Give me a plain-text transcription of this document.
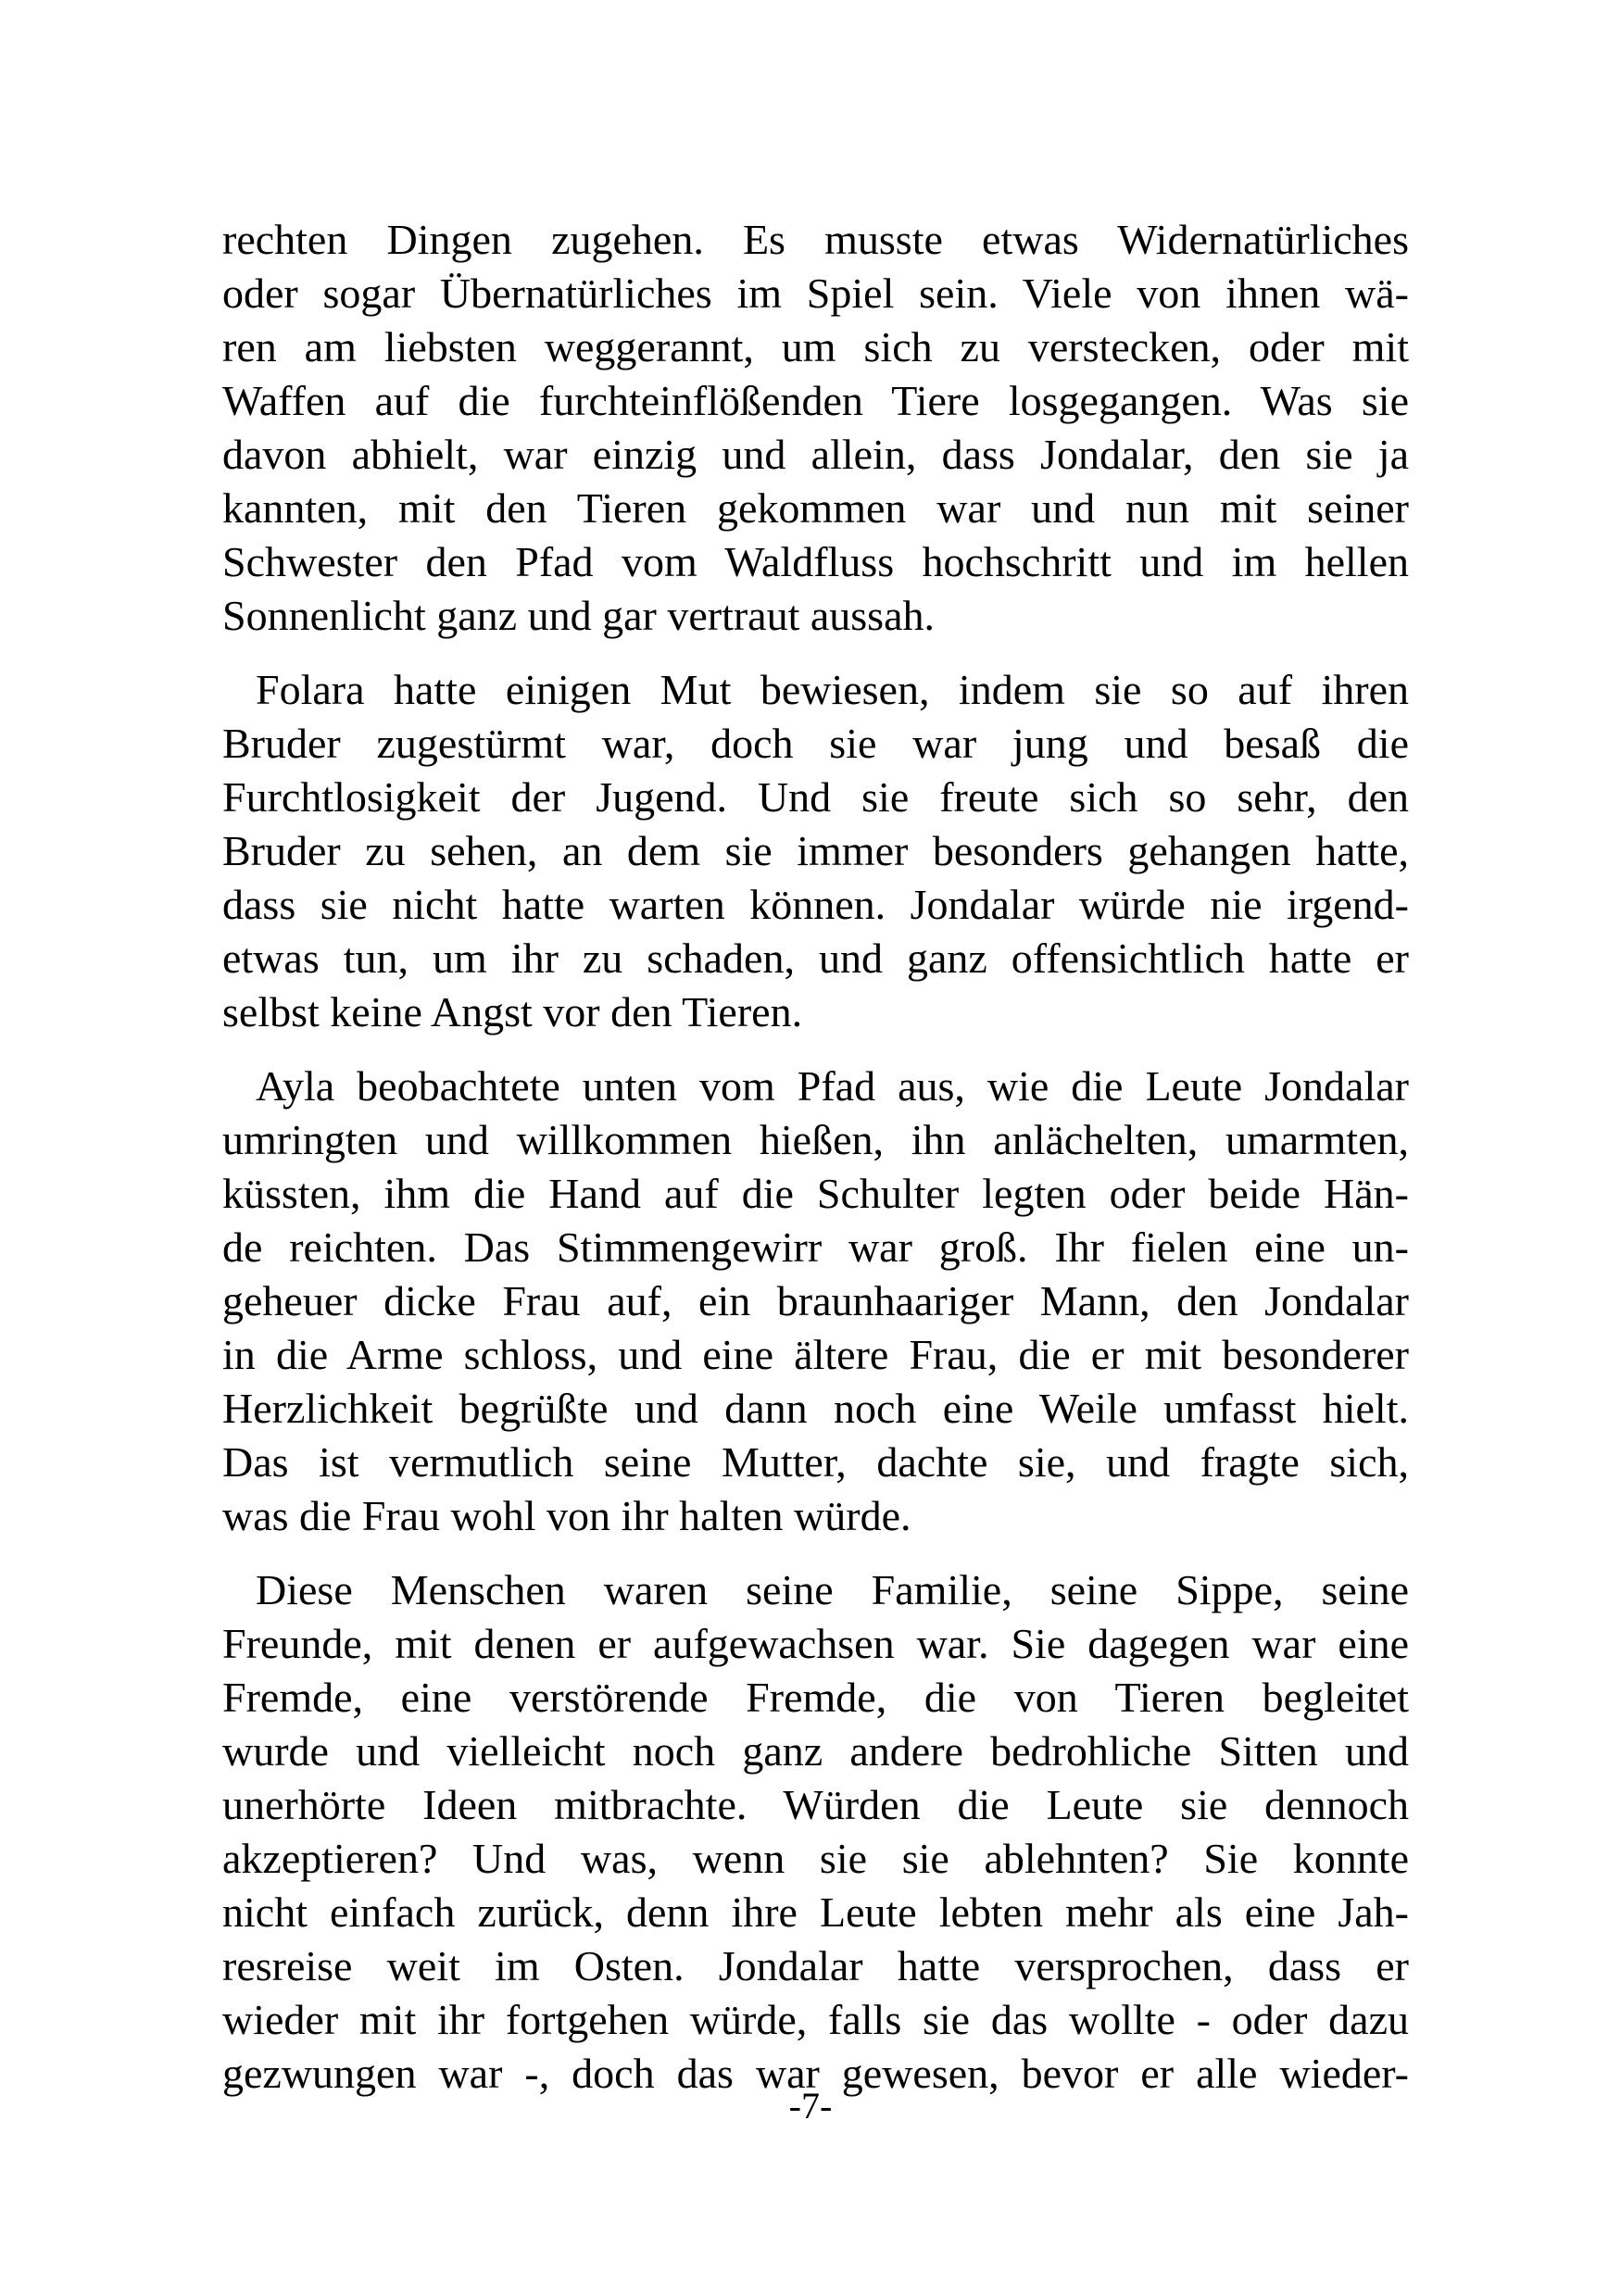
rechten Dingen zugehen. Es musste etwas Widernatürliches
oder sogar Übernatürliches im Spiel sein. Viele von ihnen wä-
ren am liebsten weggerannt, um sich zu verstecken, oder mit
Waffen auf die furchteinflößenden Tiere losgegangen. Was sie
davon abhielt, war einzig und allein, dass Jondalar, den sie ja
kannten, mit den Tieren gekommen war und nun mit seiner
Schwester den Pfad vom Waldfluss hochschritt und im hellen
Sonnenlicht ganz und gar vertraut aussah.
Folara hatte einigen Mut bewiesen, indem sie so auf ihren
Bruder zugestürmt war, doch sie war jung und besaß die
Furchtlosigkeit der Jugend. Und sie freute sich so sehr, den
Bruder zu sehen, an dem sie immer besonders gehangen hatte,
dass sie nicht hatte warten können. Jondalar würde nie irgend-
etwas tun, um ihr zu schaden, und ganz offensichtlich hatte er
selbst keine Angst vor den Tieren.
Ayla beobachtete unten vom Pfad aus, wie die Leute Jondalar
umringten und willkommen hießen, ihn anlächelten, umarmten,
küssten, ihm die Hand auf die Schulter legten oder beide Hän-
de reichten. Das Stimmengewirr war groß. Ihr fielen eine un-
geheuer dicke Frau auf, ein braunhaariger Mann, den Jondalar
in die Arme schloss, und eine ältere Frau, die er mit besonderer
Herzlichkeit begrüßte und dann noch eine Weile umfasst hielt.
Das ist vermutlich seine Mutter, dachte sie, und fragte sich,
was die Frau wohl von ihr halten würde.
Diese Menschen waren seine Familie, seine Sippe, seine
Freunde, mit denen er aufgewachsen war. Sie dagegen war eine
Fremde, eine verstörende Fremde, die von Tieren begleitet
wurde und vielleicht noch ganz andere bedrohliche Sitten und
unerhörte Ideen mitbrachte. Würden die Leute sie dennoch
akzeptieren? Und was, wenn sie sie ablehnten? Sie konnte
nicht einfach zurück, denn ihre Leute lebten mehr als eine Jah-
resreise weit im Osten. Jondalar hatte versprochen, dass er
wieder mit ihr fortgehen würde, falls sie das wollte - oder dazu
gezwungen war -, doch das war gewesen, bevor er alle wieder-
-7-
